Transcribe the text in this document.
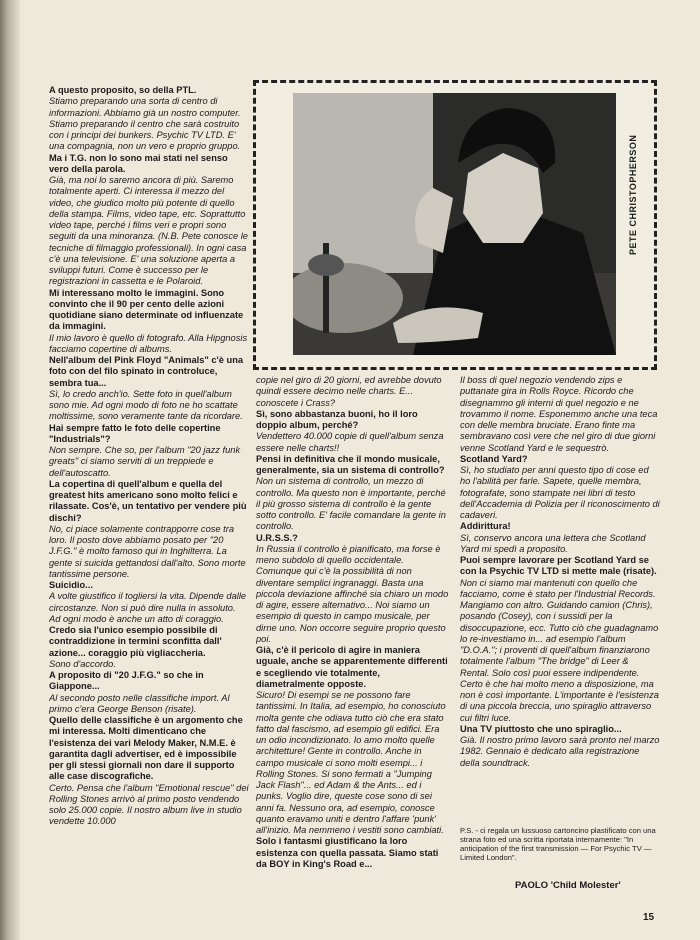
A questo proposito, so della PTL.

Stiamo preparando una sorta di centro di informazioni. Abbiamo già un nostro computer. Stiamo preparando il centro che sarà costruito con i principi dei bunkers. Psychic TV LTD. E' una compagnia, non un vero e proprio gruppo.

Ma i T.G. non lo sono mai stati nel senso vero della parola.

Già, ma noi lo saremo ancora di più. Saremo totalmente aperti. Ci interessa il mezzo del video, che giudico molto più potente di quello della stampa. Films, video tape, etc. Soprattutto video tape, perché i films veri e propri sono seguiti da una minoranza. (N.B. Pete conosce le tecniche di filmaggio professionali). In ogni casa c'è una televisione. E' una soluzione aperta a sviluppi futuri. Come è successo per le registrazioni in cassetta e le Polaroid.

Mi interessano molto le immagini. Sono convinto che il 90 per cento delle azioni quotidiane siano determinate od influenzate da immagini.

Il mio lavoro è quello di fotografo. Alla Hipgnosis facciamo copertine di albums.

Nell'album del Pink Floyd "Animals" c'è una foto con del filo spinato in controluce, sembra tua...

Sì, lo credo anch'io. Sette foto in quell'album sono mie. Ad ogni modo di foto ne ho scattate moltissime, sono veramente tante da ricordare.

Hai sempre fatto le foto delle copertine "Industrials"?

Non sempre. Che so, per l'album "20 jazz funk greats" ci siamo serviti di un treppiede e dell'autoscatto.

La copertina di quell'album e quella del greatest hits americano sono molto felici e rilassate. Cos'è, un tentativo per vendere più dischi?

No, ci piace solamente contrapporre cose tra loro. Il posto dove abbiamo posato per "20 J.F.G." è molto famoso qui in Inghilterra. La gente si suicida gettandosi dall'alto. Sono morte tantissime persone.

Suicidio...

A volte giustifico il togliersi la vita. Dipende dalle circostanze. Non si può dire nulla in assoluto. Ad ogni modo è anche un atto di coraggio.

Credo sia l'unico esempio possibile di contraddizione in termini sconfitta dall' azione... coraggio più vigliaccheria.

Sono d'accordo.

A proposito di "20 J.F.G." so che in Giappone...

Al secondo posto nelle classifiche import. Al primo c'era George Benson (risate).

Quello delle classifiche è un argomento che mi interessa. Molti dimenticano che l'esistenza dei vari Melody Maker, N.M.E. è garantita dagli advertiser, ed è impossibile per gli stessi giornali non dare il supporto alle case discografiche.

Certo. Pensa che l'album "Emotional rescue" dei Rolling Stones arrivò al primo posto vendendo solo 25.000 copie. Il nostro album live in studio vendette 10.000

PETE CHRISTOPHERSON

copie nel giro di 20 giorni, ed avrebbe dovuto quindi essere decimo nelle charts. E... conoscete i Crass?

Sì, sono abbastanza buoni, ho il loro doppio album, perché?

Vendettero 40.000 copie di quell'album senza essere nelle charts!!

Pensi in definitiva che il mondo musicale, generalmente, sia un sistema di controllo?

Non un sistema di controllo, un mezzo di controllo. Ma questo non è importante, perché il più grosso sistema di controllo è la gente sotto controllo. E' facile comandare la gente in controllo.

U.R.S.S.?

In Russia il controllo è pianificato, ma forse è meno subdolo di quello occidentale. Comunque qui c'è la possibilità di non diventare semplici ingranaggi. Basta una piccola deviazione affinché sia chiaro un modo di agire, essere alternativo... Noi siamo un esempio di questo in campo musicale, per dirne uno. Non occorre seguire proprio questo poi.

Già, c'è il pericolo di agire in maniera uguale, anche se apparentemente differenti e scegliendo vie totalmente, diametralmente opposte.

Sicuro! Di esempi se ne possono fare tantissimi. In Italia, ad esempio, ho conosciuto molta gente che odiava tutto ciò che era stato fatto dal fascismo, ad esempio gli edifici. Era un odio incondizionato. Io amo molto quelle architetture! Gente in controllo. Anche in campo musicale ci sono molti esempi... i Rolling Stones. Si sono fermati a "Jumping Jack Flash"... ed Adam & the Ants... ed i punks. Voglio dire, queste cose sono di sei anni fa. Nessuno ora, ad esempio, conosce quanto eravamo uniti e dentro l'affare 'punk' all'inizio. Ma nemmeno i vestiti sono cambiati.

Solo i fantasmi giustificano la loro esistenza con quella passata. Siamo stati da BOY in King's Road e...

Il boss di quel negozio vendendo zips e puttanate gira in Rolls Royce. Ricordo che disegnammo gli interni di quel negozio e ne trovammo il nome. Esponemmo anche una teca con delle membra bruciate. Erano finte ma sembravano così vere che nel giro di due giorni venne Scotland Yard e le sequestrò.

Scotland Yard?

Sì, ho studiato per anni questo tipo di cose ed ho l'abilità per farle. Sapete, quelle membra, fotografate, sono stampate nei libri di testo dell'Accademia di Polizia per il riconoscimento di cadaveri.

Addirittura!

Sì, conservo ancora una lettera che Scotland Yard mi spedì a proposito.

Puoi sempre lavorare per Scotland Yard se con la Psychic TV LTD si mette male (risate).

Non ci siamo mai mantenuti con quello che facciamo, come è stato per l'Industrial Records. Mangiamo con altro. Guidando camion (Chris), posando (Cosey), con i sussidi per la disoccupazione, ecc. Tutto ciò che guadagnamo lo re-investiamo in... ad esempio l'album "D.O.A."; i proventi di quell'album finanziarono totalmente l'album "The bridge" di Leer & Rental. Solo così puoi essere indipendente. Certo è che hai molto meno a disposizione, ma non è così importante. L'importante è l'esistenza di una piccola breccia, uno spiraglio attraverso cui filtri luce.

Una TV piuttosto che uno spiraglio...

Già. Il nostro primo lavoro sarà pronto nel marzo 1982. Gennaio è dedicato alla registrazione della soundtrack.

P.S. - ci regala un lussuoso cartoncino plastificato con una strana foto ed una scritta riportata internamente: "In anticipation of the first transmission — For Psychic TV — Limited London".
PAOLO 'Child Molester'
15
